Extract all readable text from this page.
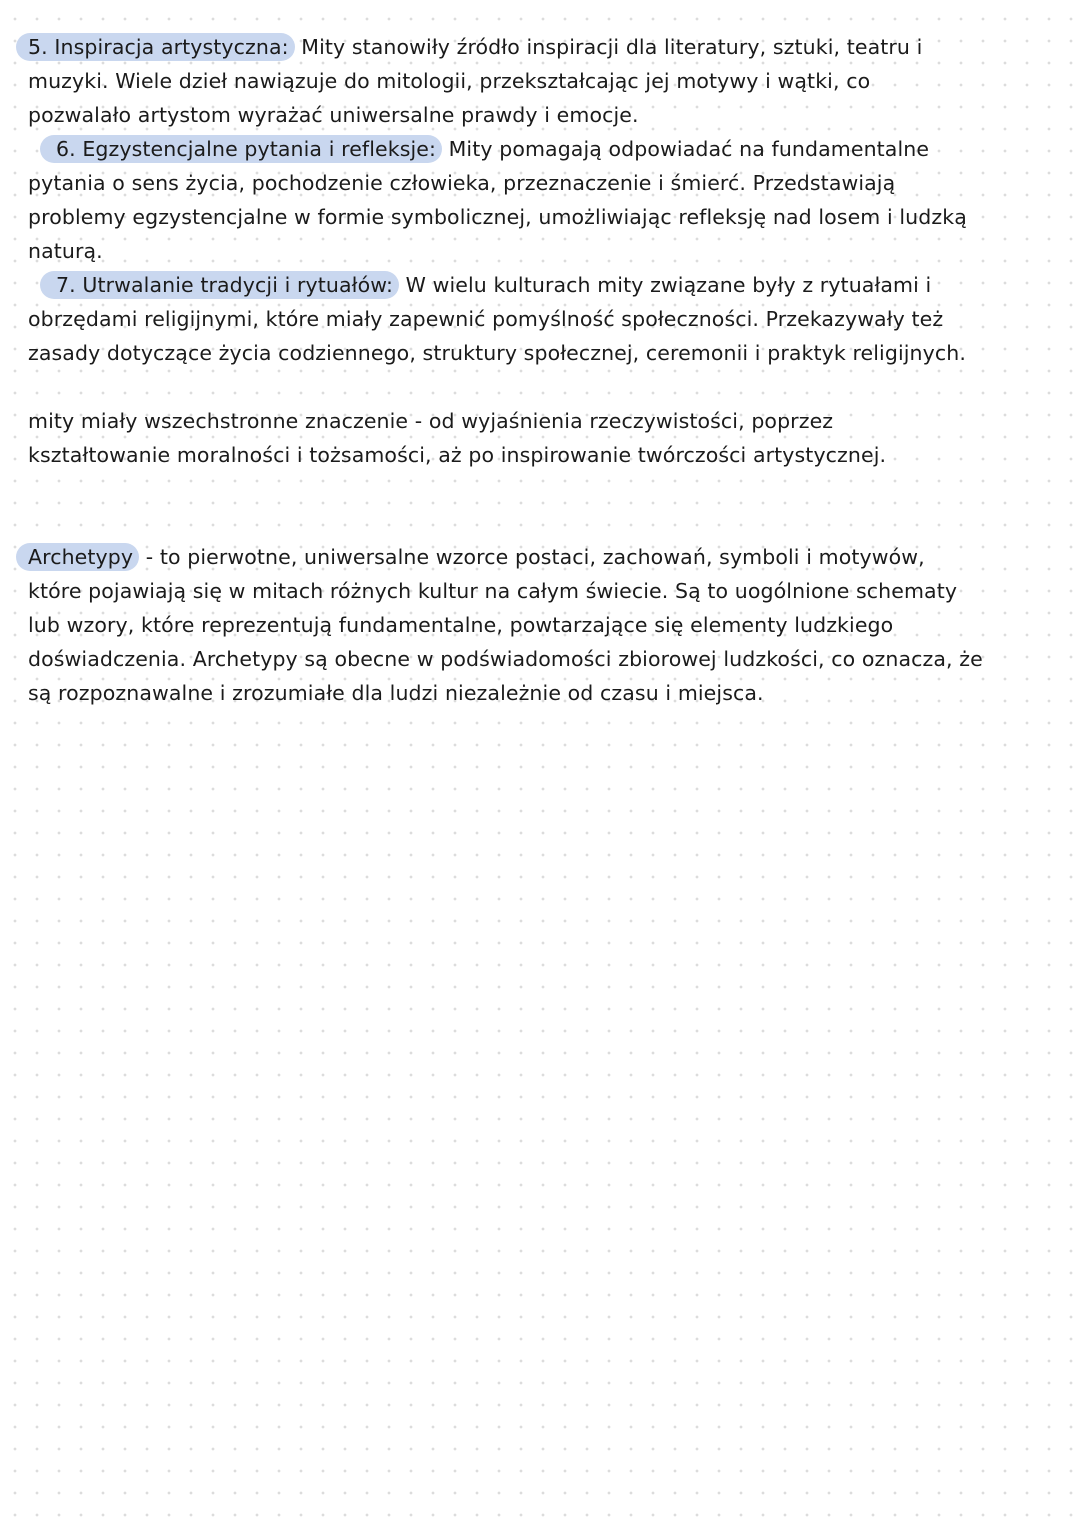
5. Inspiracja artystyczna: Mity stanowiły źródło inspiracji dla literatury, sztuki, teatru i
muzyki. Wiele dzieł nawiązuje do mitologii, przekształcając jej motywy i wątki, co
pozwalało artystom wyrażać uniwersalne prawdy i emocje.
6. Egzystencjalne pytania i refleksje: Mity pomagają odpowiadać na fundamentalne
pytania o sens życia, pochodzenie człowieka, przeznaczenie i śmierć. Przedstawiają
problemy egzystencjalne w formie symbolicznej, umożliwiając refleksję nad losem i ludzką
naturą.
7. Utrwalanie tradycji i rytuałów: W wielu kulturach mity związane były z rytuałami i
obrzędami religijnymi, które miały zapewnić pomyślność społeczności. Przekazywały też
zasady dotyczące życia codziennego, struktury społecznej, ceremonii i praktyk religijnych.
mity miały wszechstronne znaczenie - od wyjaśnienia rzeczywistości, poprzez
kształtowanie moralności i tożsamości, aż po inspirowanie twórczości artystycznej.
Archetypy - to pierwotne, uniwersalne wzorce postaci, zachowań, symboli i motywów,
które pojawiają się w mitach różnych kultur na całym świecie. Są to uogólnione schematy
lub wzory, które reprezentują fundamentalne, powtarzające się elementy ludzkiego
doświadczenia. Archetypy są obecne w podświadomości zbiorowej ludzkości, co oznacza, że
są rozpoznawalne i zrozumiałe dla ludzi niezależnie od czasu i miejsca.
